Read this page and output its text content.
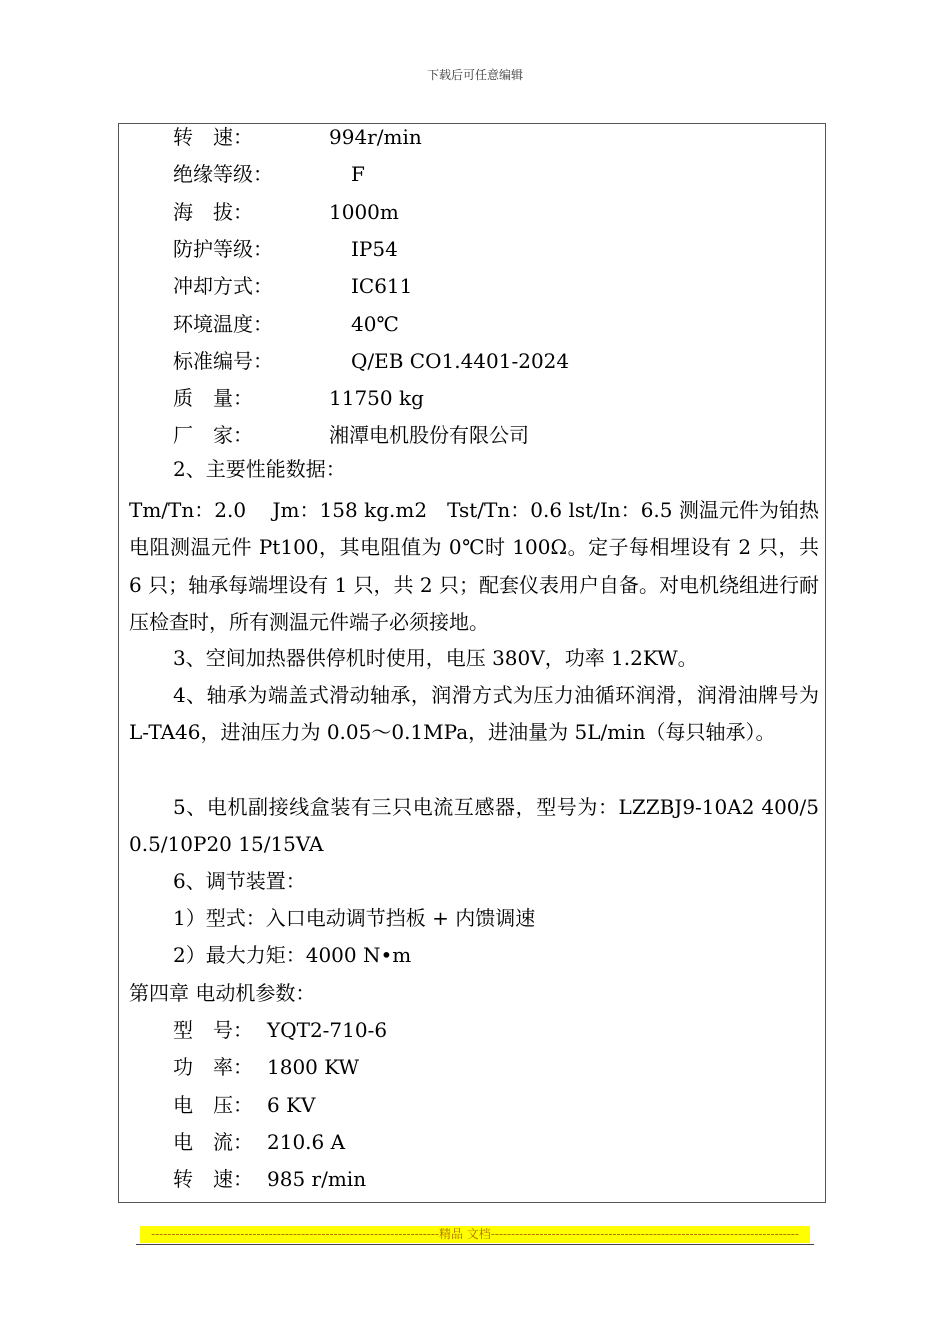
下载后可任意编辑
转　速：	994r/min
绝缘等级：	F
海　拔：	1000m
防护等级：	IP54
冲却方式：	IC611
环境温度：	40℃
标准编号：	Q/EB CO1.4401-2024
质　量：	11750 kg
厂　家：	湘潭电机股份有限公司
2、主要性能数据：
Tm/Tn：2.0　 Jm：158 kg.m2　Tst/Tn：0.6 lst/In：6.5 测温元件为铂热电阻测温元件 Pt100，其电阻值为 0℃时 100Ω。定子每相埋设有 2 只，共 6 只；轴承每端埋设有 1 只，共 2 只；配套仪表用户自备。对电机绕组进行耐压检查时，所有测温元件端子必须接地。
3、空间加热器供停机时使用，电压 380V，功率 1.2KW。
4、轴承为端盖式滑动轴承，润滑方式为压力油循环润滑，润滑油牌号为 L-TA46，进油压力为 0.05～0.1MPa，进油量为 5L/min（每只轴承）。
5、电机副接线盒装有三只电流互感器，型号为：LZZBJ9-10A2 400/5 0.5/10P20 15/15VA
6、调节装置：
1）型式：入口电动调节挡板 + 内馈调速
2）最大力矩：4000 N•m
第四章 电动机参数：
型　号： YQT2-710-6
功　率： 1800 KW
电　压： 6 KV
电　流： 210.6 A
转　速： 985 r/min
-----------------------------------------------------------------------精品 文档----------------------------------------------------------------------------
